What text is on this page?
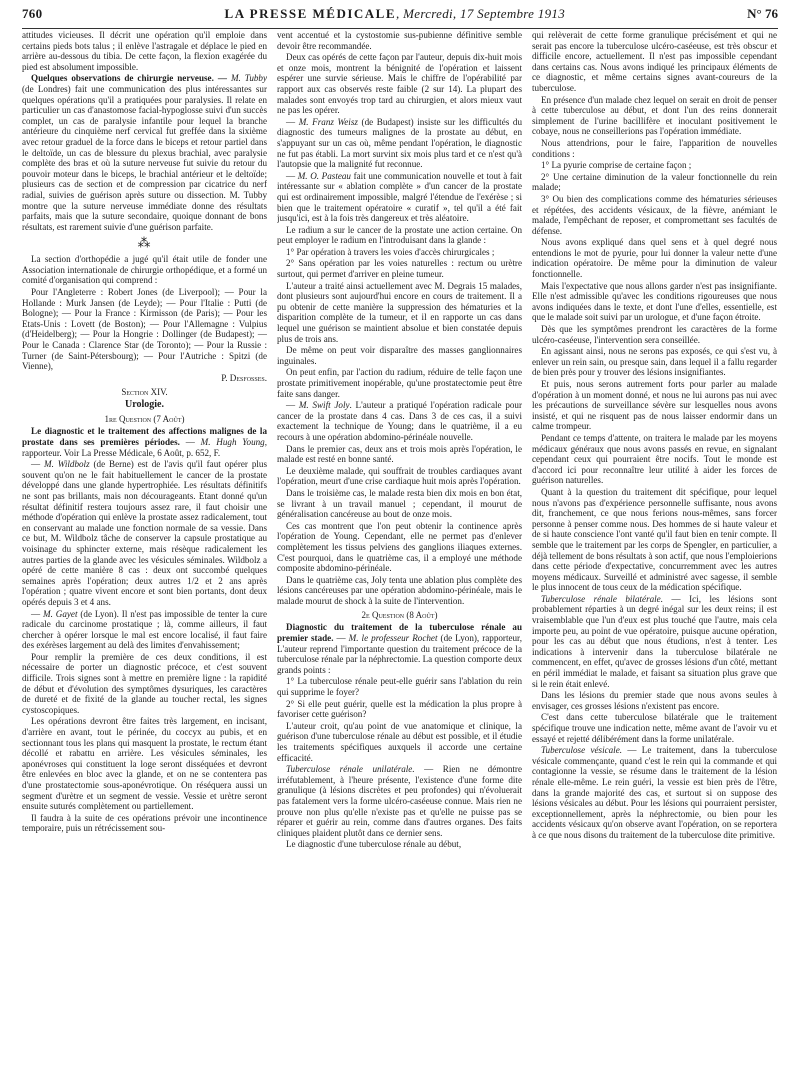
760	LA PRESSE MÉDICALE, Mercredi, 17 Septembre 1913	N° 76

attitudes vicieuses. Il décrit une opération qu'il emploie dans certains pieds bots talus ; il enlève l'astragale et déplace le pied en arrière au-dessous du tibia. De cette façon, la flexion exagérée du pied est absolument impossible.

Quelques observations de chirurgie nerveuse. — M. Tubby (de Londres) fait une communication des plus intéressantes sur quelques opérations qu'il a pratiquées pour paralysies. Il relate en particulier un cas d'anastomose facial-hypoglosse suivi d'un succès complet, un cas de paralysie infantile pour lequel la branche antérieure du cinquième nerf cervical fut greffée dans la sixième avec retour graduel de la force dans le biceps et retour partiel dans le deltoïde, un cas de blessure du plexus brachial, avec paralysie complète des bras et où la suture nerveuse fut suivie du retour du pouvoir moteur dans le biceps, le brachial antérieur et le deltoïde; plusieurs cas de section et de compression par cicatrice du nerf radial, suivies de guérison après suture ou dissection. M. Tubby montre que la suture nerveuse immédiate donne des résultats parfaits, mais que la suture secondaire, quoique donnant de bons résultats, est rarement suivie d'une guérison parfaite.

⁂

La section d'orthopédie a jugé qu'il était utile de fonder une Association internationale de chirurgie orthopédique, et a formé un comité d'organisation qui comprend :

Pour l'Angleterre : Robert Jones (de Liverpool); — Pour la Hollande : Murk Jansen (de Leyde); — Pour l'Italie : Putti (de Bologne); — Pour la France : Kirmisson (de Paris); — Pour les Etats-Unis : Lovett (de Boston); — Pour l'Allemagne : Vulpius (d'Heidelberg); — Pour la Hongrie : Dollinger (de Budapest); — Pour le Canada : Clarence Star (de Toronto); — Pour la Russie : Turner (de Saint-Pétersbourg); — Pour l'Autriche : Spitzi (de Vienne),

P. Desfosses.

Section XIV.
Urologie.
1re Question (7 Août)

Le diagnostic et le traitement des affections malignes de la prostate dans ses premières périodes. — M. Hugh Young, rapporteur. Voir La Presse Médicale, 6 Août, p. 652, F.

— M. Wildbolz (de Berne) est de l'avis qu'il faut opérer plus souvent qu'on ne le fait habituellement le cancer de la prostate développé dans une glande hypertrophiée. Les résultats définitifs ne sont pas brillants, mais non décourageants. Etant donné qu'un résultat définitif restera toujours assez rare, il faut choisir une méthode d'opération qui enlève la prostate assez radicalement, tout en conservant au malade une fonction normale de sa vessie. Dans ce but, M. Wildbolz tâche de conserver la capsule prostatique au voisinage du sphincter externe, mais résèque radicalement les autres parties de la glande avec les vésicules séminales. Wildbolz a opéré de cette manière 8 cas : deux ont succombé quelques semaines après l'opération; deux autres 1/2 et 2 ans après l'opération ; quatre vivent encore et sont bien portants, dont deux opérés depuis 3 et 4 ans.

— M. Gayet (de Lyon). Il n'est pas impossible de tenter la cure radicale du carcinome prostatique ; là, comme ailleurs, il faut chercher à opérer lorsque le mal est encore localisé, il faut faire des exérèses largement au delà des limites d'envahissement;

Pour remplir la première de ces deux conditions, il est nécessaire de porter un diagnostic précoce, et c'est souvent difficile. Trois signes sont à mettre en première ligne : la rapidité de début et d'évolution des symptômes dysuriques, les caractères de dureté et de fixité de la glande au toucher rectal, les signes cystoscopiques.

Les opérations devront être faites très largement, en incisant, d'arrière en avant, tout le périnée, du coccyx au pubis, et en sectionnant tous les plans qui masquent la prostate, le rectum étant décollé et rabattu en arrière. Les vésicules séminales, les aponévroses qui constituent la loge seront disséquées et devront être enlevées en bloc avec la glande, et on ne se contentera pas d'une prostatectomie sous-aponévrotique. On réséquera aussi un segment d'urètre et un segment de vessie. Vessie et urètre seront ensuite suturés complètement ou partiellement.

Il faudra à la suite de ces opérations prévoir une incontinence temporaire, puis un rétrécissement sou-

vent accentué et la cystostomie sus-pubienne définitive semble devoir être recommandée.

Deux cas opérés de cette façon par l'auteur, depuis dix-huit mois et onze mois, montrent la bénignité de l'opération et laissent espérer une survie sérieuse. Mais le chiffre de l'opérabilité par rapport aux cas observés reste faible (2 sur 14). La plupart des malades sont envoyés trop tard au chirurgien, et alors mieux vaut ne pas les opérer.

— M. Franz Weisz (de Budapest) insiste sur les difficultés du diagnostic des tumeurs malignes de la prostate au début, en s'appuyant sur un cas où, même pendant l'opération, le diagnostic ne fut pas établi. La mort survint six mois plus tard et ce n'est qu'à l'autopsie que la malignité fut reconnue.

— M. O. Pasteau fait une communication nouvelle et tout à fait intéressante sur « ablation complète » d'un cancer de la prostate qui est ordinairement impossible, malgré l'étendue de l'exérèse ; si bien que le traitement opératoire « curatif », tel qu'il a été fait jusqu'ici, est à la fois très dangereux et très aléatoire.

Le radium a sur le cancer de la prostate une action certaine. On peut employer le radium en l'introduisant dans la glande :

1° Par opération à travers les voies d'accès chirurgicales ;

2° Sans opération par les voies naturelles : rectum ou urètre surtout, qui permet d'arriver en pleine tumeur.

L'auteur a traité ainsi actuellement avec M. Degrais 15 malades, dont plusieurs sont aujourd'hui encore en cours de traitement. Il a pu obtenir de cette manière la suppression des hématuries et la disparition complète de la tumeur, et il en rapporte un cas dans lequel une guérison se maintient absolue et bien constatée depuis plus de trois ans.

De même on peut voir disparaître des masses ganglionnaires inguinales.

On peut enfin, par l'action du radium, réduire de telle façon une prostate primitivement inopérable, qu'une prostatectomie peut être faite sans danger.

— M. Swift Joly. L'auteur a pratiqué l'opération radicale pour cancer de la prostate dans 4 cas. Dans 3 de ces cas, il a suivi exactement la technique de Young; dans le quatrième, il a eu recours à une opération abdomino-périnéale nouvelle.

Dans le premier cas, deux ans et trois mois après l'opération, le malade est resté en bonne santé.

Le deuxième malade, qui souffrait de troubles cardiaques avant l'opération, meurt d'une crise cardiaque huit mois après l'opération.

Dans le troisième cas, le malade resta bien dix mois en bon état, se livrant à un travail manuel ; cependant, il mourut de généralisation cancéreuse au bout de onze mois.

Ces cas montrent que l'on peut obtenir la continence après l'opération de Young. Cependant, elle ne permet pas d'enlever complètement les tissus pelviens des ganglions iliaques externes. C'est pourquoi, dans le quatrième cas, il a employé une méthode composite abdomino-périnéale.

Dans le quatrième cas, Joly tenta une ablation plus complète des lésions cancéreuses par une opération abdomino-périnéale, mais le malade mourut de shock à la suite de l'intervention.

2e Question (8 Août)

Diagnostic du traitement de la tuberculose rénale au premier stade. — M. le professeur Rochet (de Lyon), rapporteur, L'auteur reprend l'importante question du traitement précoce de la tuberculose rénale par la néphrectomie. La question comporte deux grands points :

1° La tuberculose rénale peut-elle guérir sans l'ablation du rein qui supprime le foyer?

2° Si elle peut guérir, quelle est la médication la plus propre à favoriser cette guérison?

L'auteur croit, qu'au point de vue anatomique et clinique, la guérison d'une tuberculose rénale au début est possible, et il étudie les traitements spécifiques auxquels il accorde une certaine efficacité.

Tuberculose rénale unilatérale. — Rien ne démontre irréfutablement, à l'heure présente, l'existence d'une forme dite granulique (à lésions discrètes et peu profondes) qui n'évoluerait pas fatalement vers la forme ulcéro-caséeuse connue. Mais rien ne prouve non plus qu'elle n'existe pas et qu'elle ne puisse pas se réparer et guérir au rein, comme dans d'autres organes. Des faits cliniques plaident plutôt dans ce dernier sens.

Le diagnostic d'une tuberculose rénale au début,

qui relèverait de cette forme granulique précisément et qui ne serait pas encore la tuberculose ulcéro-caséeuse, est très obscur et difficile encore, actuellement. Il n'est pas impossible cependant dans certains cas. Nous avons indiqué les principaux éléments de ce diagnostic, et même certains signes avant-coureurs de la tuberculose.

En présence d'un malade chez lequel on serait en droit de penser à cette tuberculose au début, et dont l'un des reins donnerait simplement de l'urine bacillifère et inoculant positivement le cobaye, nous ne conseillerions pas l'opération immédiate.

Nous attendrions, pour le faire, l'apparition de nouvelles conditions :

1° La pyurie comprise de certaine façon ;

2° Une certaine diminution de la valeur fonctionnelle du rein malade;

3° Ou bien des complications comme des hématuries sérieuses et répétées, des accidents vésicaux, de la fièvre, anémiant le malade, l'empêchant de reposer, et compromettant ses facultés de défense.

Nous avons expliqué dans quel sens et à quel degré nous entendions le mot de pyurie, pour lui donner la valeur nette d'une indication opératoire. De même pour la diminution de valeur fonctionnelle.

Mais l'expectative que nous allons garder n'est pas insignifiante. Elle n'est admissible qu'avec les conditions rigoureuses que nous avons indiquées dans le texte, et dont l'une d'elles, essentielle, est que le malade soit suivi par un urologue, et d'une façon étroite.

Dès que les symptômes prendront les caractères de la forme ulcéro-caséeuse, l'intervention sera conseillée.

En agissant ainsi, nous ne serons pas exposés, ce qui s'est vu, à enlever un rein sain, ou presque sain, dans lequel il a fallu regarder de bien près pour y trouver des lésions insignifiantes.

Et puis, nous serons autrement forts pour parler au malade d'opération à un moment donné, et nous ne lui aurons pas nui avec les précautions de surveillance sévère sur lesquelles nous avons insisté, et qui ne risquent pas de nous laisser endormir dans un calme trompeur.

Pendant ce temps d'attente, on traitera le malade par les moyens médicaux généraux que nous avons passés en revue, en signalant cependant ceux qui pourraient être nocifs. Tout le monde est d'accord ici pour reconnaître leur utilité à aider les forces de guérison naturelles.

Quant à la question du traitement dit spécifique, pour lequel nous n'avons pas d'expérience personnelle suffisante, nous avons dit, franchement, ce que nous ferions nous-mêmes, sans forcer personne à penser comme nous. Des hommes de si haute valeur et de si haute conscience l'ont vanté qu'il faut bien en tenir compte. Il semble que le traitement par les corps de Spengler, en particulier, a déjà tellement de bons résultats à son actif, que nous l'emploierions dans cette période d'expectative, concurremment avec les autres moyens médicaux. Surveillé et administré avec sagesse, il semble le plus innocent de tous ceux de la médication spécifique.

Tuberculose rénale bilatérale. — Ici, les lésions sont probablement réparties à un degré inégal sur les deux reins; il est vraisemblable que l'un d'eux est plus touché que l'autre, mais cela importe peu, au point de vue opératoire, puisque aucune opération, pour les cas au début que nous étudions, n'est à tenter. Les indications à intervenir dans la tuberculose bilatérale ne commencent, en effet, qu'avec de grosses lésions d'un côté, mettant en péril immédiat le malade, et faisant sa situation plus grave que si le rein était enlevé.

Dans les lésions du premier stade que nous avons seules à envisager, ces grosses lésions n'existent pas encore.

C'est dans cette tuberculose bilatérale que le traitement spécifique trouve une indication nette, même avant de l'avoir vu et essayé et rejetté délibérément dans la forme unilatérale.

Tuberculose vésicale. — Le traitement, dans la tuberculose vésicale commençante, quand c'est le rein qui la commande et qui contagionne la vessie, se résume dans le traitement de la lésion rénale elle-même. Le rein guéri, la vessie est bien près de l'être, dans la grande majorité des cas, et surtout si on suppose des lésions vésicales au début. Pour les lésions qui pourraient persister, exceptionnellement, après la néphrectomie, ou bien pour les accidents vésicaux qu'on observe avant l'opération, on se reportera à ce que nous disons du traitement de la tuberculose dite primitive.
